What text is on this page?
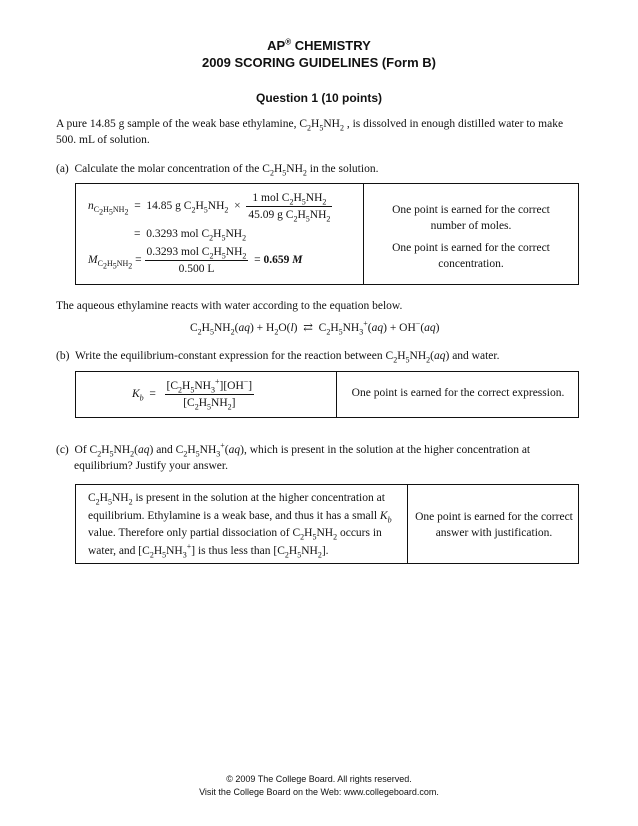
AP® CHEMISTRY
2009 SCORING GUIDELINES (Form B)
Question 1 (10 points)
A pure 14.85 g sample of the weak base ethylamine, $C_2H_5NH_2$ , is dissolved in enough distilled water to make 500. mL of solution.
(a)  Calculate the molar concentration of the $C_2H_5NH_2$ in the solution.
$n_{C_2H_5NH_2} = 14.85$ g $C_2H_5NH_2 \times \frac{1 mol C_2H_5NH_2}{45.09 g C_2H_5NH_2}$
=  0.3293 mol $C_2H_5NH_2$
$M_{C_2H_5NH_2} = \frac{0.3293 mol C_2H_5NH_2}{0.500 L} = 0.659$ M
One point is earned for the correct number of moles.
One point is earned for the correct concentration.
The aqueous ethylamine reacts with water according to the equation below.
$C_2H_5NH_2(aq) + H_2O(l)$  ⇄  $C_2H_5NH_3^+(aq) + OH^-(aq)$
(b)  Write the equilibrium-constant expression for the reaction between $C_2H_5NH_2(aq)$ and water.
$K_b = \frac{[C_2H_5NH_3^+][OH^-]}{[C_2H_5NH_2]}$	One point is earned for the correct expression.
(c)  Of $C_2H_5NH_2(aq)$ and $C_2H_5NH_3^+(aq)$, which is present in the solution at the higher concentration at
equilibrium? Justify your answer.
$C_2H_5NH_2$ is present in the solution at the higher concentration at equilibrium. Ethylamine is a weak base, and thus it has a small $K_b$ value. Therefore only partial dissociation of $C_2H_5NH_2$ occurs in water, and $[C_2H_5NH_3^+]$ is thus less than $[C_2H_5NH_2]$.
One point is earned for the correct answer with justification.
© 2009 The College Board. All rights reserved.
Visit the College Board on the Web: www.collegeboard.com.
